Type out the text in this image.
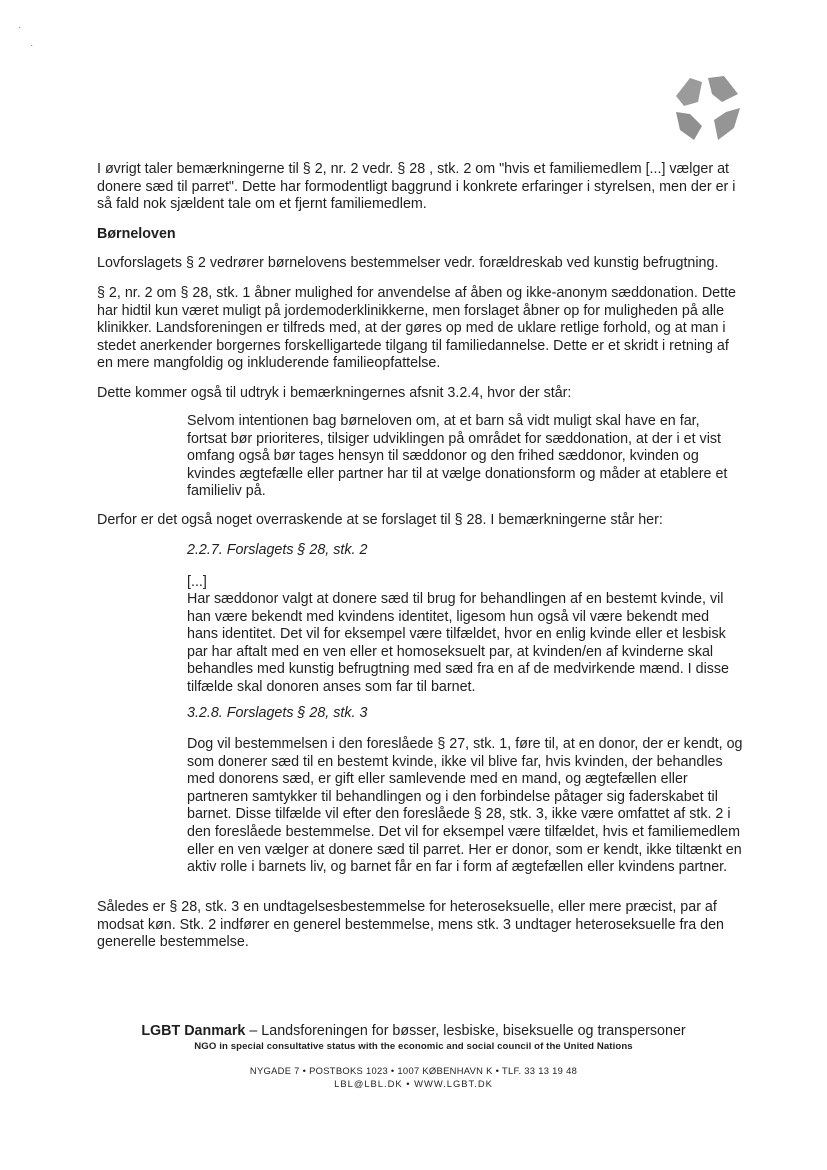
·
·

I øvrigt taler bemærkningerne til § 2, nr. 2 vedr. § 28 , stk. 2 om "hvis et familiemedlem [...] vælger at donere sæd til parret". Dette har formodentligt baggrund i konkrete erfaringer i styrelsen, men der er i så fald nok sjældent tale om et fjernt familiemedlem.

Børneloven
Lovforslagets § 2 vedrører børnelovens bestemmelser vedr. forældreskab ved kunstig befrugtning.
§ 2, nr. 2 om § 28, stk. 1 åbner mulighed for anvendelse af åben og ikke-anonym sæddonation. Dette har hidtil kun været muligt på jordemoderklinikkerne, men forslaget åbner op for muligheden på alle klinikker. Landsforeningen er tilfreds med, at der gøres op med de uklare retlige forhold, og at man i stedet anerkender borgernes forskelligartede tilgang til familiedannelse. Dette er et skridt i retning af en mere mangfoldig og inkluderende familieopfattelse.
Dette kommer også til udtryk i bemærkningernes afsnit 3.2.4, hvor der står:
Selvom intentionen bag børneloven om, at et barn så vidt muligt skal have en far, fortsat bør prioriteres, tilsiger udviklingen på området for sæddonation, at der i et vist omfang også bør tages hensyn til sæddonor og den frihed sæddonor, kvinden og kvindes ægtefælle eller partner har til at vælge donationsform og måder at etablere et familieliv på.
Derfor er det også noget overraskende at se forslaget til § 28. I bemærkningerne står her:
2.2.7. Forslagets § 28, stk. 2
[...]
Har sæddonor valgt at donere sæd til brug for behandlingen af en bestemt kvinde, vil han være bekendt med kvindens identitet, ligesom hun også vil være bekendt med hans identitet. Det vil for eksempel være tilfældet, hvor en enlig kvinde eller et lesbisk par har aftalt med en ven eller et homoseksuelt par, at kvinden/en af kvinderne skal behandles med kunstig befrugtning med sæd fra en af de medvirkende mænd. I disse tilfælde skal donoren anses som far til barnet.
3.2.8. Forslagets § 28, stk. 3
Dog vil bestemmelsen i den foreslåede § 27, stk. 1, føre til, at en donor, der er kendt, og som donerer sæd til en bestemt kvinde, ikke vil blive far, hvis kvinden, der behandles med donorens sæd, er gift eller samlevende med en mand, og ægtefællen eller partneren samtykker til behandlingen og i den forbindelse påtager sig faderskabet til barnet. Disse tilfælde vil efter den foreslåede § 28, stk. 3, ikke være omfattet af stk. 2 i den foreslåede bestemmelse. Det vil for eksempel være tilfældet, hvis et familiemedlem eller en ven vælger at donere sæd til parret. Her er donor, som er kendt, ikke tiltænkt en aktiv rolle i barnets liv, og barnet får en far i form af ægtefællen eller kvindens partner.
Således er § 28, stk. 3 en undtagelsesbestemmelse for heteroseksuelle, eller mere præcist, par af modsat køn. Stk. 2 indfører en generel bestemmelse, mens stk. 3 undtager heteroseksuelle fra den generelle bestemmelse.
LGBT Danmark – Landsforeningen for bøsser, lesbiske, biseksuelle og transpersoner
NGO in special consultative status with the economic and social council of the United Nations
NYGADE 7 • POSTBOKS 1023 • 1007 KØBENHAVN K • TLF. 33 13 19 48
LBL@LBL.DK • WWW.LGBT.DK
